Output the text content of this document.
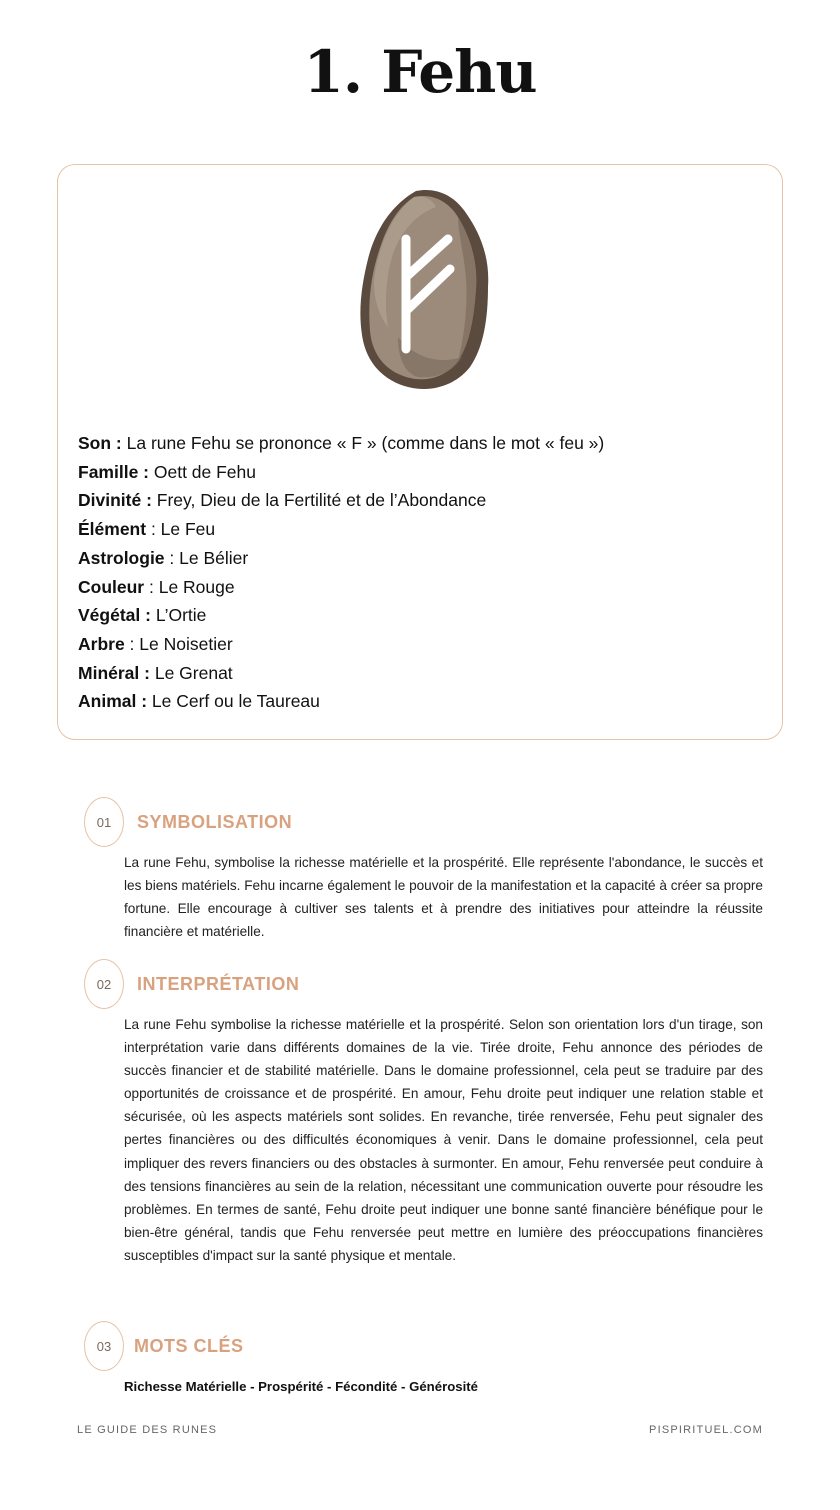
1. Fehu
Son : La rune Fehu se prononce « F » (comme dans le mot « feu »)
Famille : Oett de Fehu
Divinité : Frey, Dieu de la Fertilité et de l’Abondance
Élément : Le Feu
Astrologie : Le Bélier
Couleur : Le Rouge
Végétal : L’Ortie
Arbre : Le Noisetier
Minéral : Le Grenat
Animal : Le Cerf ou le Taureau
01	SYMBOLISATION

La rune Fehu, symbolise la richesse matérielle et la prospérité. Elle représente l'abondance, le succès et les biens matériels. Fehu incarne également le pouvoir de la manifestation et la capacité à créer sa propre fortune. Elle encourage à cultiver ses talents et à prendre des initiatives pour atteindre la réussite financière et matérielle.

02	INTERPRÉTATION

La rune Fehu symbolise la richesse matérielle et la prospérité. Selon son orientation lors d'un tirage, son interprétation varie dans différents domaines de la vie. Tirée droite, Fehu annonce des périodes de succès financier et de stabilité matérielle. Dans le domaine professionnel, cela peut se traduire par des opportunités de croissance et de prospérité. En amour, Fehu droite peut indiquer une relation stable et sécurisée, où les aspects matériels sont solides. En revanche, tirée renversée, Fehu peut signaler des pertes financières ou des difficultés économiques à venir. Dans le domaine professionnel, cela peut impliquer des revers financiers ou des obstacles à surmonter. En amour, Fehu renversée peut conduire à des tensions financières au sein de la relation, nécessitant une communication ouverte pour résoudre les problèmes. En termes de santé, Fehu droite peut indiquer une bonne santé financière bénéfique pour le bien-être général, tandis que Fehu renversée peut mettre en lumière des préoccupations financières susceptibles d'impact sur la santé physique et mentale.

03	MOTS CLÉS
Richesse Matérielle - Prospérité - Fécondité - Générosité
LE GUIDE DES RUNES	PISPIRITUEL.COM
